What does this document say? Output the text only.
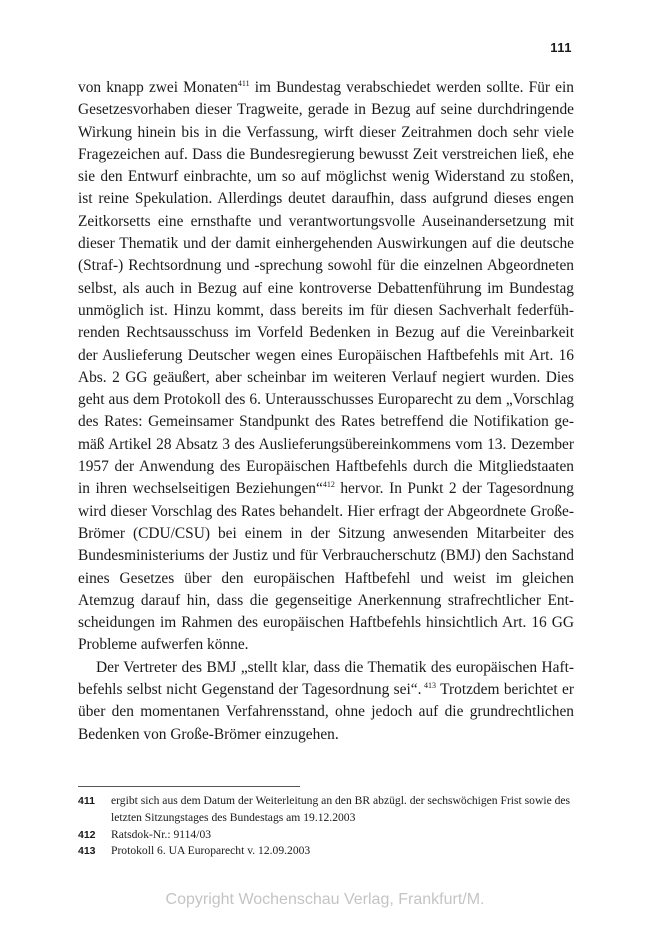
111

von knapp zwei Monaten$^{411}$ im Bundestag verabschiedet werden sollte. Für ein Gesetzesvorhaben dieser Tragweite, gerade in Bezug auf seine durchdringende Wirkung hinein bis in die Verfassung, wirft dieser Zeitrahmen doch sehr viele Fragezeichen auf. Dass die Bundesregierung bewusst Zeit verstreichen ließ, ehe sie den Entwurf einbrachte, um so auf möglichst wenig Widerstand zu stoßen, ist reine Spekulation. Allerdings deutet daraufhin, dass aufgrund dieses engen Zeitkorsetts eine ernsthafte und verantwortungsvolle Auseinandersetzung mit dieser Thematik und der damit einhergehenden Auswirkungen auf die deutsche (Straf-) Rechtsordnung und -sprechung sowohl für die einzelnen Abgeordneten selbst, als auch in Bezug auf eine kontroverse Debattenführung im Bundestag unmöglich ist. Hinzu kommt, dass bereits im für diesen Sachverhalt federführenden Rechtsausschuss im Vorfeld Bedenken in Bezug auf die Vereinbarkeit der Auslieferung Deutscher wegen eines Europäischen Haftbefehls mit Art. 16 Abs. 2 GG geäußert, aber scheinbar im weiteren Verlauf negiert wurden. Dies geht aus dem Protokoll des 6. Unterausschusses Europarecht zu dem „Vorschlag des Rates: Gemeinsamer Standpunkt des Rates betreffend die Notifikation gemäß Artikel 28 Absatz 3 des Auslieferungsübereinkommens vom 13. Dezember 1957 der Anwendung des Europäischen Haftbefehls durch die Mitgliedstaaten in ihren wechselseitigen Beziehungen“$^{412}$ hervor. In Punkt 2 der Tagesordnung wird dieser Vorschlag des Rates behandelt. Hier erfragt der Abgeordnete Große-Brömer (CDU/CSU) bei einem in der Sitzung anwesenden Mitarbeiter des Bundesministeriums der Justiz und für Verbraucherschutz (BMJ) den Sachstand eines Gesetzes über den europäischen Haftbefehl und weist im gleichen Atemzug darauf hin, dass die gegenseitige Anerkennung strafrechtlicher Entscheidungen im Rahmen des europäischen Haftbefehls hinsichtlich Art. 16 GG Probleme aufwerfen könne.

Der Vertreter des BMJ „stellt klar, dass die Thematik des europäischen Haftbefehls selbst nicht Gegenstand der Tagesordnung sei“. $^{413}$ Trotzdem berichtet er über den momentanen Verfahrensstand, ohne jedoch auf die grundrechtlichen Bedenken von Große-Brömer einzugehen.

411 ergibt sich aus dem Datum der Weiterleitung an den BR abzügl. der sechswöchigen Frist sowie des letzten Sitzungstages des Bundestags am 19.12.2003
412 Ratsdok-Nr.: 9114/03
413 Protokoll 6. UA Europarecht v. 12.09.2003
Copyright Wochenschau Verlag, Frankfurt/M.
